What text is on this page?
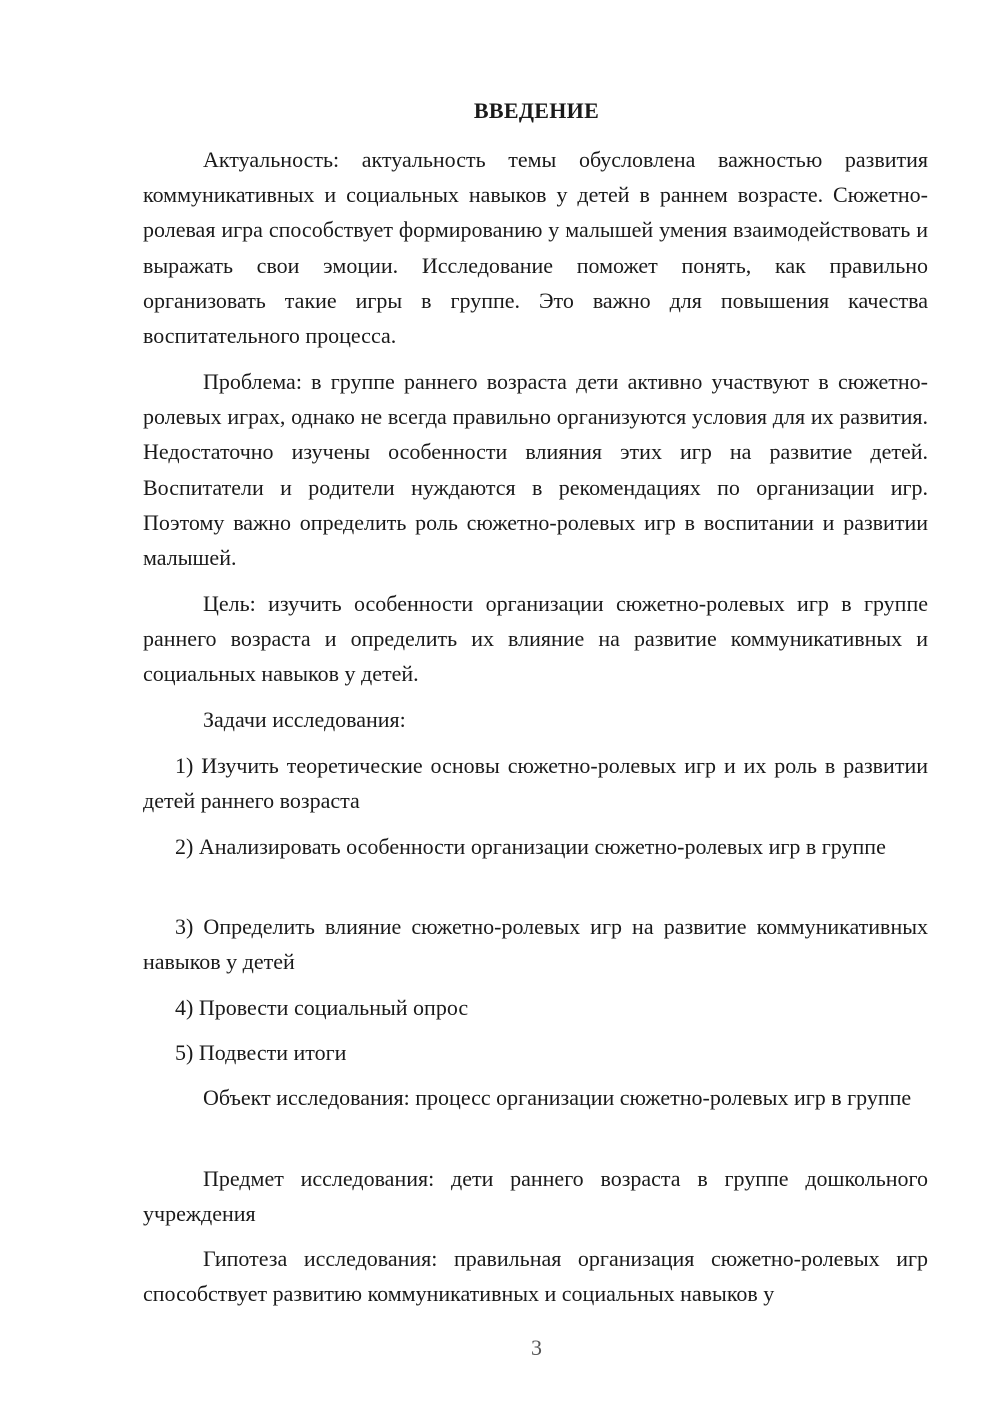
ВВЕДЕНИЕ

Актуальность: актуальность темы обусловлена важностью развития коммуникативных и социальных навыков у детей в раннем возрасте. Сюжетно-ролевая игра способствует формированию у малышей умения взаимодействовать и выражать свои эмоции. Исследование поможет понять, как правильно организовать такие игры в группе. Это важно для повышения качества воспитательного процесса.

Проблема: в группе раннего возраста дети активно участвуют в сюжетно-ролевых играх, однако не всегда правильно организуются условия для их развития. Недостаточно изучены особенности влияния этих игр на развитие детей. Воспитатели и родители нуждаются в рекомендациях по организации игр. Поэтому важно определить роль сюжетно-ролевых игр в воспитании и развитии малышей.

Цель: изучить особенности организации сюжетно-ролевых игр в группе раннего возраста и определить их влияние на развитие коммуникативных и социальных навыков у детей.

Задачи исследования:

1) Изучить теоретические основы сюжетно-ролевых игр и их роль в развитии детей раннего возраста

2) Анализировать особенности организации сюжетно-ролевых игр в группе

3) Определить влияние сюжетно-ролевых игр на развитие коммуникативных навыков у детей

4) Провести социальный опрос

5) Подвести итоги

Объект исследования: процесс организации сюжетно-ролевых игр в группе

Предмет исследования: дети раннего возраста в группе дошкольного учреждения

Гипотеза исследования: правильная организация сюжетно-ролевых игр способствует развитию коммуникативных и социальных навыков у

3
